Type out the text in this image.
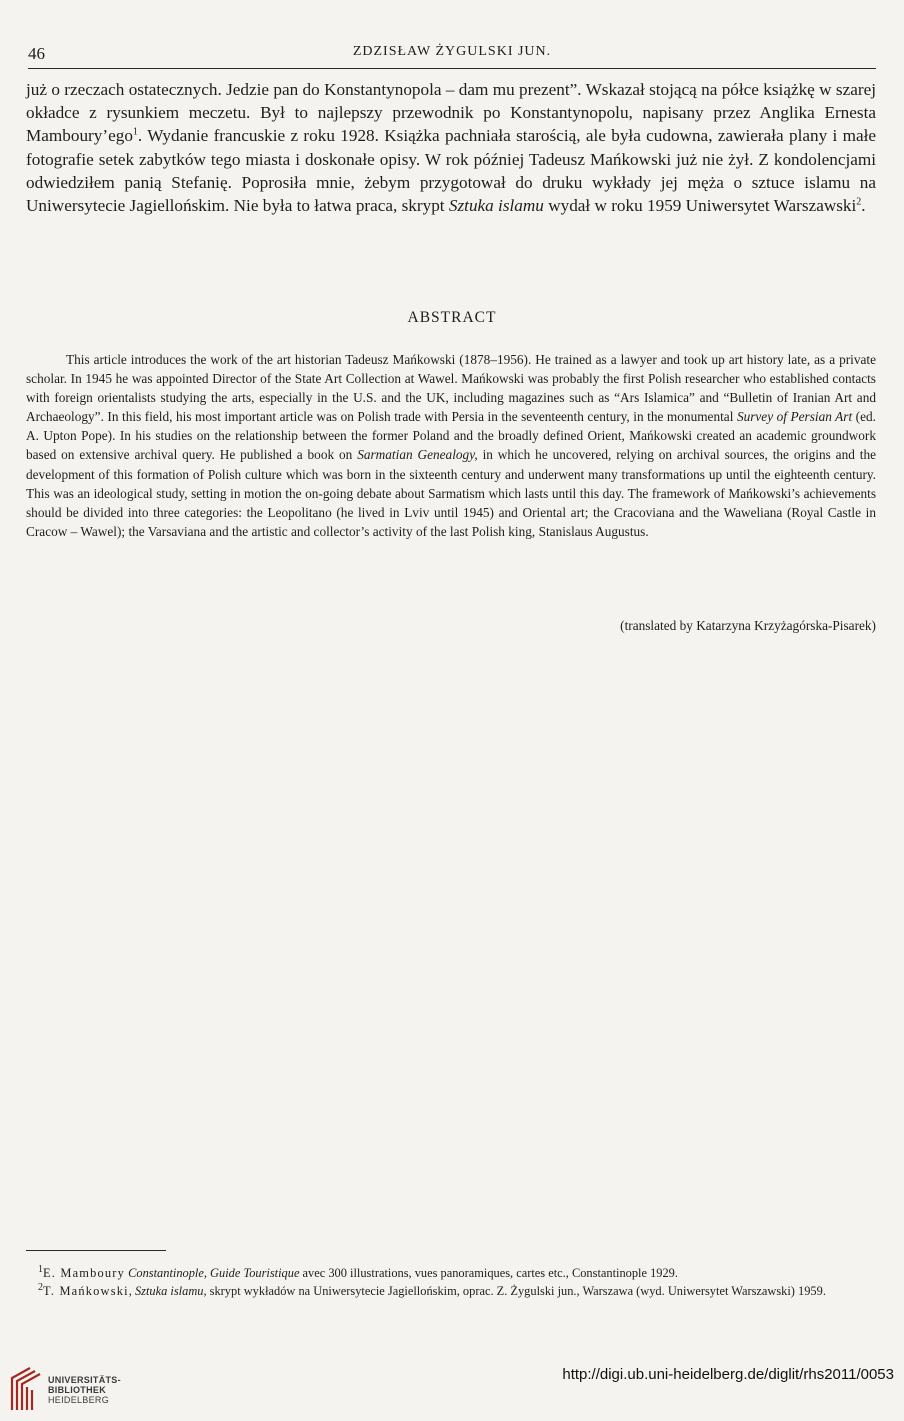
46	ZDZISŁAW ŻYGULSKI JUN.

już o rzeczach ostatecznych. Jedzie pan do Konstantynopola – dam mu prezent”. Wskazał stojącą na półce książkę w szarej okładce z rysunkiem meczetu. Był to najlepszy przewodnik po Konstantynopolu, napisany przez Anglika Ernesta Mamboury’ego$^1$. Wydanie francuskie z roku 1928. Książka pachniała starością, ale była cudowna, zawierała plany i małe fotografie setek zabytków tego miasta i doskonałe opisy. W rok później Tadeusz Mańkowski już nie żył. Z kondolencjami odwiedziłem panią Stefanię. Poprosiła mnie, żebym przygotował do druku wykłady jej męża o sztuce islamu na Uniwersytecie Jagiellońskim. Nie była to łatwa praca, skrypt Sztuka islamu wydał w roku 1959 Uniwersytet Warszawski$^2$.

ABSTRACT

This article introduces the work of the art historian Tadeusz Mańkowski (1878–1956). He trained as a lawyer and took up art history late, as a private scholar. In 1945 he was appointed Director of the State Art Collection at Wawel. Mańkowski was probably the first Polish researcher who established contacts with foreign orientalists studying the arts, especially in the U.S. and the UK, including magazines such as “Ars Islamica” and “Bulletin of Iranian Art and Archaeology”. In this field, his most important article was on Polish trade with Persia in the seventeenth century, in the monumental Survey of Persian Art (ed. A. Upton Pope). In his studies on the relationship between the former Poland and the broadly defined Orient, Mańkowski created an academic groundwork based on extensive archival query. He published a book on Sarmatian Genealogy, in which he uncovered, relying on archival sources, the origins and the development of this formation of Polish culture which was born in the sixteenth century and underwent many transformations up until the eighteenth century. This was an ideological study, setting in motion the on-going debate about Sarmatism which lasts until this day. The framework of Mańkowski’s achievements should be divided into three categories: the Leopolitano (he lived in Lviv until 1945) and Oriental art; the Cracoviana and the Waweliana (Royal Castle in Cracow – Wawel); the Varsaviana and the artistic and collector’s activity of the last Polish king, Stanislaus Augustus.

(translated by Katarzyna Krzyżagórska-Pisarek)

$^1$E. Mamboury Constantinople, Guide Touristique avec 300 illustrations, vues panoramiques, cartes etc., Constantinople 1929.

$^2$T. Mańkowski, Sztuka islamu, skrypt wykładów na Uniwersytecie Jagiellońskim, oprac. Z. Żygulski jun., Warszawa (wyd. Uniwersytet Warszawski) 1959.

UNIVERSITÄTS-
BIBLIOTHEK
HEIDELBERG
http://digi.ub.uni-heidelberg.de/diglit/rhs2011/0053
